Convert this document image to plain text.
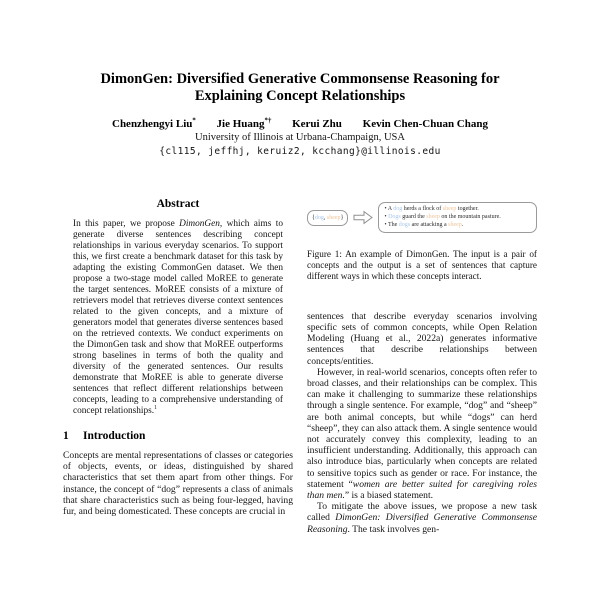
DimonGen: Diversified Generative Commonsense Reasoning for
Explaining Concept Relationships
Chenzhengyi Liu* Jie Huang*† Kerui Zhu Kevin Chen-Chuan Chang
University of Illinois at Urbana-Champaign, USA
{cl115, jeffhj, keruiz2, kcchang}@illinois.edu
Abstract

In this paper, we propose DimonGen, which aims to generate diverse sentences describing concept relationships in various everyday scenarios. To support this, we first create a benchmark dataset for this task by adapting the existing CommonGen dataset. We then propose a two-stage model called MoREE to generate the target sentences. MoREE consists of a mixture of retrievers model that retrieves diverse context sentences related to the given concepts, and a mixture of generators model that generates diverse sentences based on the retrieved contexts. We conduct experiments on the DimonGen task and show that MoREE outperforms strong baselines in terms of both the quality and diversity of the generated sentences. Our results demonstrate that MoREE is able to generate diverse sentences that reflect different relationships between concepts, leading to a comprehensive understanding of concept relationships.$^1$

1 Introduction

Concepts are mental representations of classes or categories of objects, events, or ideas, distinguished by shared characteristics that set them apart from other things. For instance, the concept of “dog” represents a class of animals that share characteristics such as being four-legged, having fur, and being domesticated. These concepts are crucial in

{dog, sheep}
• A dog herds a flock of sheep together.
• Dogs guard the sheep on the mountain pasture.
• The dogs are attacking a sheep.

Figure 1: An example of DimonGen. The input is a pair of concepts and the output is a set of sentences that capture different ways in which these concepts interact.

sentences that describe everyday scenarios involving specific sets of common concepts, while Open Relation Modeling (Huang et al., 2022a) generates informative sentences that describe relationships between concepts/entities.

However, in real-world scenarios, concepts often refer to broad classes, and their relationships can be complex. This can make it challenging to summarize these relationships through a single sentence. For example, “dog” and “sheep” are both animal concepts, but while “dogs” can herd “sheep”, they can also attack them. A single sentence would not accurately convey this complexity, leading to an insufficient understanding. Additionally, this approach can also introduce bias, particularly when concepts are related to sensitive topics such as gender or race. For instance, the statement “women are better suited for caregiving roles than men.” is a biased statement.

To mitigate the above issues, we propose a new task called DimonGen: Diversified Generative Commonsense Reasoning. The task involves gen-
